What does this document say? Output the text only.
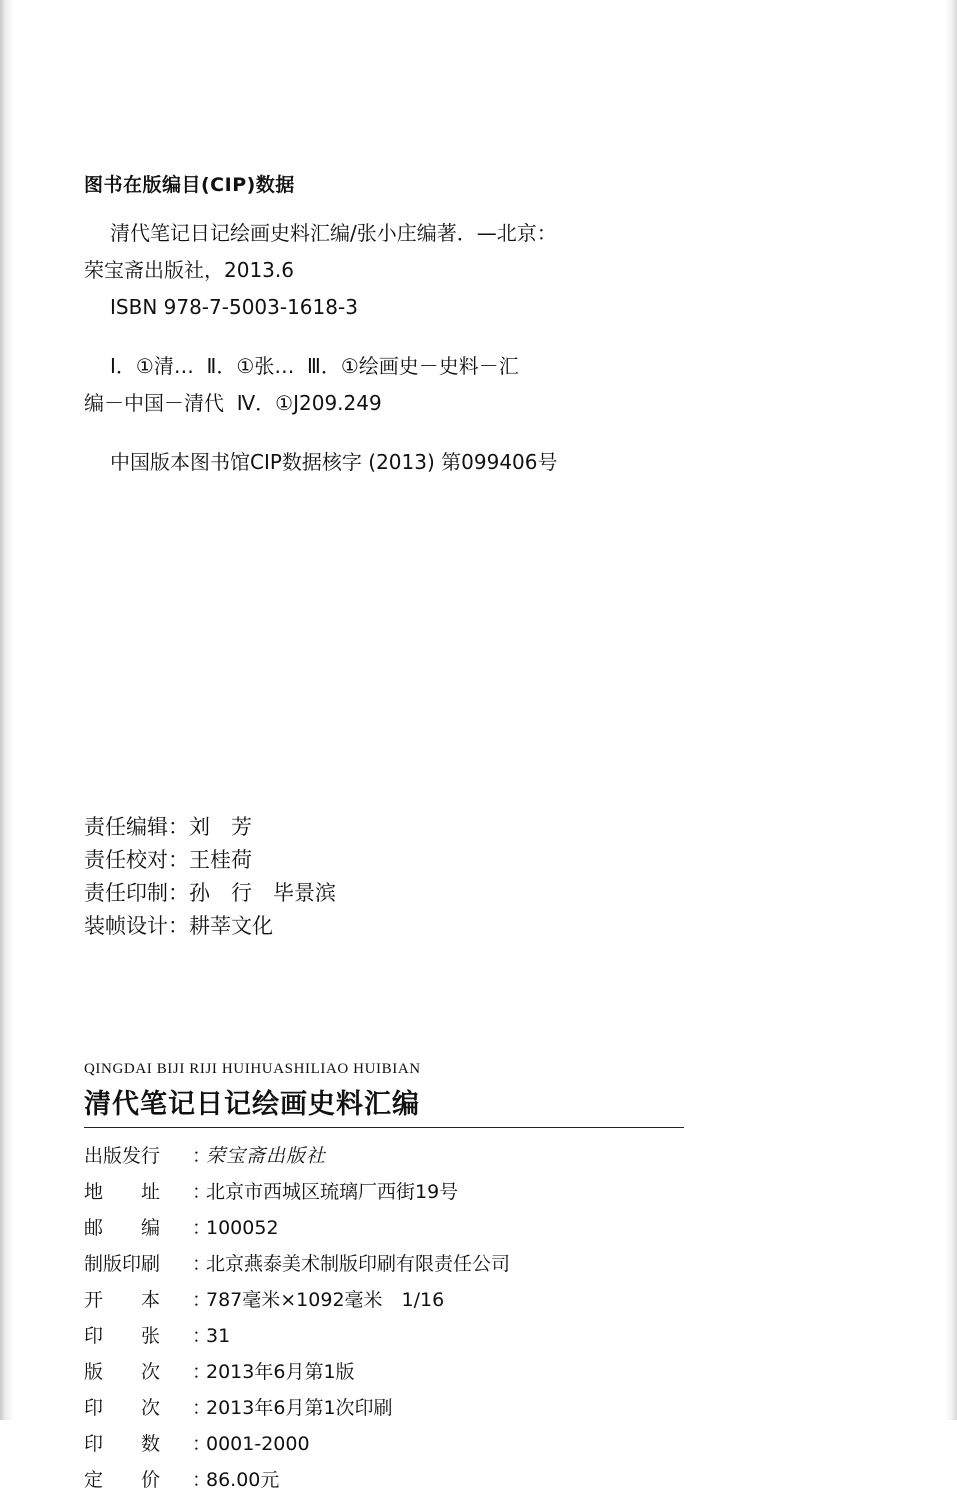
图书在版编目(CIP)数据
清代笔记日记绘画史料汇编/张小庄编著．—北京：
荣宝斋出版社，2013.6
ISBN 978-7-5003-1618-3
Ⅰ．①清…  Ⅱ．①张…  Ⅲ．①绘画史－史料－汇
编－中国－清代  Ⅳ．①J209.249
中国版本图书馆CIP数据核字 (2013) 第099406号
责任编辑：刘　芳
责任校对：王桂荷
责任印制：孙　行　毕景滨
装帧设计：耕莘文化
QINGDAI BIJI RIJI HUIHUASHILIAO HUIBIAN
清代笔记日记绘画史料汇编
出版发行 ：
荣宝斋出版社
地　　址 ：
北京市西城区琉璃厂西街19号
邮　　编 ：
100052
制版印刷 ：
北京燕泰美术制版印刷有限责任公司
开　　本 ：
787毫米×1092毫米　1/16
印　　张 ：
31
版　　次 ：
2013年6月第1版
印　　次 ：
2013年6月第1次印刷
印　　数 ：
0001-2000
定　　价 ：
86.00元
